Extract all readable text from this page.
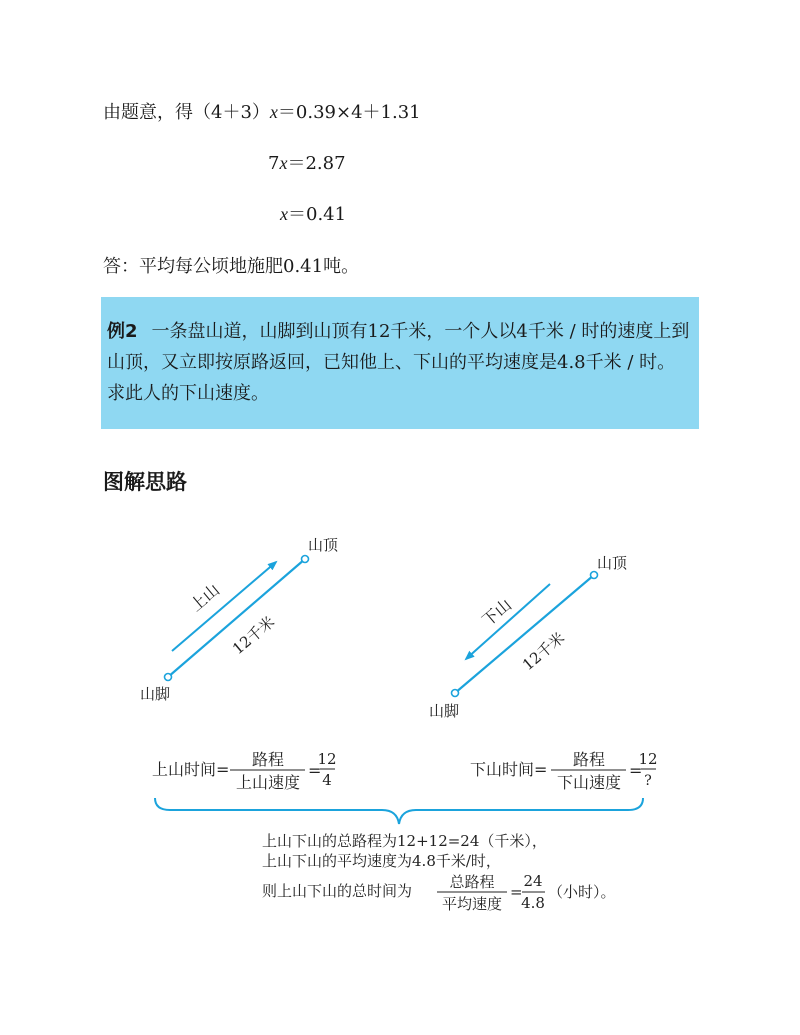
由题意，得（4＋3）x＝0.39×4＋1.31
7x＝2.87
x＝0.41
答：平均每公顷地施肥0.41吨。
例2 一条盘山道，山脚到山顶有12千米，一个人以4千米 / 时的速度上到山顶，又立即按原路返回，已知他上、下山的平均速度是4.8千米 / 时。求此人的下山速度。
图解思路
山顶
山脚
上山
12千米
山顶
山脚
下山
12千米
上山时间=
路程
上山速度
=
12
4
下山时间=
路程
下山速度
=
12
?
上山下山的总路程为12+12=24（千米），
上山下山的平均速度为4.8千米/时，
则上山下山的总时间为 总路程
平均速度
=
24
4.8
（小时）。
